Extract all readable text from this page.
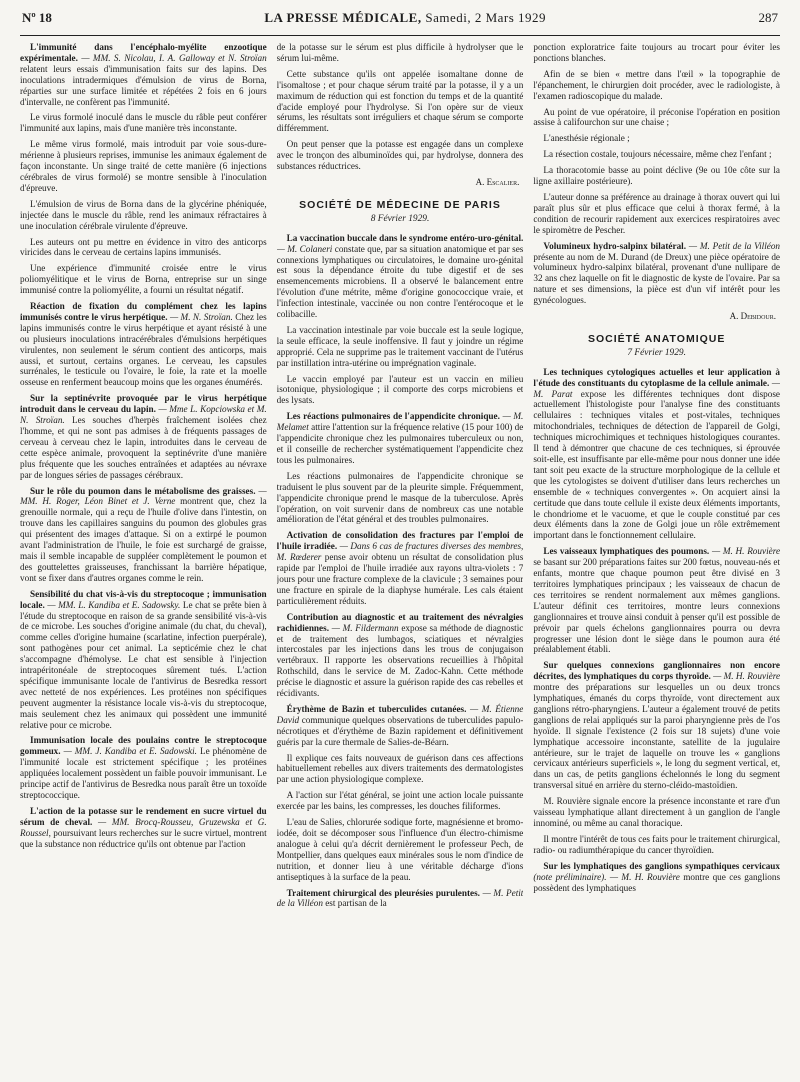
Nº 18	LA PRESSE MÉDICALE, Samedi, 2 Mars 1929	287

L'immunité dans l'encéphalo-myélite enzootique expérimentale. — MM. S. Nicolau, I. A. Galloway et N. Stroïan relatent leurs essais d'immunisation faits sur des lapins. Des inoculations intradermiques d'émulsion de virus de Borna, réparties sur une surface limitée et répétées 2 fois en 6 jours d'intervalle, ne confèrent pas l'immunité.

Le virus formolé inoculé dans le muscle du râble peut conférer l'immunité aux lapins, mais d'une manière très inconstante.

Le même virus formolé, mais introduit par voie sous-dure-mérienne à plusieurs reprises, immunise les animaux également de façon inconstante. Un singe traité de cette manière (6 injections cérébrales de virus formolé) se montre sensible à l'inoculation d'épreuve.

L'émulsion de virus de Borna dans de la glycérine phéniquée, injectée dans le muscle du râble, rend les animaux réfractaires à une inoculation cérébrale virulente d'épreuve.

Les auteurs ont pu mettre en évidence in vitro des anticorps viricides dans le cerveau de certains lapins immunisés.

Une expérience d'immunité croisée entre le virus poliomyélitique et le virus de Borna, entreprise sur un singe immunisé contre la poliomyélite, a fourni un résultat négatif.

Réaction de fixation du complément chez les lapins immunisés contre le virus herpétique. — M. N. Stroïan. Chez les lapins immunisés contre le virus herpétique et ayant résisté à une ou plusieurs inoculations intracérébrales d'émulsions herpétiques virulentes, non seulement le sérum contient des anticorps, mais aussi, et surtout, certains organes. Le cerveau, les capsules surrénales, le testicule ou l'ovaire, le foie, la rate et la moelle osseuse en renferment beaucoup moins que les organes énumérés.

Sur la septinévrite provoquée par le virus herpétique introduit dans le cerveau du lapin. — Mme L. Kopciowska et M. N. Stroïan. Les souches d'herpès fraîchement isolées chez l'homme, et qui ne sont pas admises à de fréquents passages de cerveau à cerveau chez le lapin, introduites dans le cerveau de cette espèce animale, provoquent la septinévrite d'une manière plus fréquente que les souches entraînées et adaptées au névraxe par de longues séries de passages cérébraux.

Sur le rôle du poumon dans le métabolisme des graisses. — MM. H. Roger, Léon Binet et J. Verne montrent que, chez la grenouille normale, qui a reçu de l'huile d'olive dans l'intestin, on trouve dans les capillaires sanguins du poumon des globules gras qui présentent des images d'attaque. Si on a extirpé le poumon avant l'administration de l'huile, le foie est surchargé de graisse, mais il semble incapable de suppléer complètement le poumon et des gouttelettes graisseuses, franchissant la barrière hépatique, vont se fixer dans d'autres organes comme le rein.

Sensibilité du chat vis-à-vis du streptocoque ; immunisation locale. — MM. L. Kandiba et E. Sadowsky. Le chat se prête bien à l'étude du streptocoque en raison de sa grande sensibilité vis-à-vis de ce microbe. Les souches d'origine animale (du chat, du cheval), comme celles d'origine humaine (scarlatine, infection puerpérale), sont pathogènes pour cet animal. La septicémie chez le chat s'accompagne d'hémolyse. Le chat est sensible à l'injection intrapéritonéale de streptocoques sûrement tués. L'action spécifique immunisante locale de l'antivirus de Besredka ressort avec netteté de nos expériences. Les protéines non spécifiques peuvent augmenter la résistance locale vis-à-vis du streptocoque, mais seulement chez les animaux qui possèdent une immunité relative pour ce microbe.

Immunisation locale des poulains contre le streptocoque gommeux. — MM. J. Kandiba et E. Sadowski. Le phénomène de l'immunité locale est strictement spécifique ; les protéines appliquées localement possèdent un faible pouvoir immunisant. Le principe actif de l'antivirus de Besredka nous paraît être un toxoïde streptococcique.

L'action de la potasse sur le rendement en sucre virtuel du sérum de cheval. — MM. Brocq-Rousseu, Gruzewska et G. Roussel, poursuivant leurs recherches sur le sucre virtuel, montrent que la substance non réductrice qu'ils ont obtenue par l'action

de la potasse sur le sérum est plus difficile à hydrolyser que le sérum lui-même.

Cette substance qu'ils ont appelée isomaltane donne de l'isomaltose ; et pour chaque sérum traité par la potasse, il y a un maximum de réduction qui est fonction du temps et de la quantité d'acide employé pour l'hydrolyse. Si l'on opère sur de vieux sérums, les résultats sont irréguliers et chaque sérum se comporte différemment.

On peut penser que la potasse est engagée dans un complexe avec le tronçon des albuminoïdes qui, par hydrolyse, donnera des substances réductrices.

A. Escalier.
SOCIÉTÉ DE MÉDECINE DE PARIS
8 Février 1929.

La vaccination buccale dans le syndrome entéro-uro-génital. — M. Colaneri constate que, par sa situation anatomique et par ses connexions lymphatiques ou circulatoires, le domaine uro-génital est sous la dépendance étroite du tube digestif et de ses ensemencements microbiens. Il a observé le balancement entre l'évolution d'une métrite, même d'origine gonococcique vraie, et l'infection intestinale, vaccinée ou non contre l'entérocoque et le colibacille.

La vaccination intestinale par voie buccale est la seule logique, la seule efficace, la seule inoffensive. Il faut y joindre un régime approprié. Cela ne supprime pas le traitement vaccinant de l'utérus par instillation intra-utérine ou imprégnation vaginale.

Le vaccin employé par l'auteur est un vaccin en milieu isotonique, physiologique ; il comporte des corps microbiens et des lysats.

Les réactions pulmonaires de l'appendicite chronique. — M. Melamet attire l'attention sur la fréquence relative (15 pour 100) de l'appendicite chronique chez les pulmonaires tuberculeux ou non, et il conseille de rechercher systématiquement l'appendicite chez tous les pulmonaires.

Les réactions pulmonaires de l'appendicite chronique se traduisent le plus souvent par de la pleurite simple. Fréquemment, l'appendicite chronique prend le masque de la tuberculose. Après l'opération, on voit survenir dans de nombreux cas une notable amélioration de l'état général et des troubles pulmonaires.

Activation de consolidation des fractures par l'emploi de l'huile irradiée. — Dans 6 cas de fractures diverses des membres, M. Rœderer pense avoir obtenu un résultat de consolidation plus rapide par l'emploi de l'huile irradiée aux rayons ultra-violets : 7 jours pour une fracture complexe de la clavicule ; 3 semaines pour une fracture en spirale de la diaphyse humérale. Les cals étaient particulièrement réduits.

Contribution au diagnostic et au traitement des névralgies rachidiennes. — M. Fildermann expose sa méthode de diagnostic et de traitement des lumbagos, sciatiques et névralgies intercostales par les injections dans les trous de conjugaison vertébraux. Il rapporte les observations recueillies à l'hôpital Rothschild, dans le service de M. Zadoc-Kahn. Cette méthode précise le diagnostic et assure la guérison rapide des cas rebelles et récidivants.

Érythème de Bazin et tuberculides cutanées. — M. Étienne David communique quelques observations de tuberculides papulo-nécrotiques et d'érythème de Bazin rapidement et définitivement guéris par la cure thermale de Salies-de-Béarn.

Il explique ces faits nouveaux de guérison dans ces affections habituellement rebelles aux divers traitements des dermatologistes par une action physiologique complexe.

A l'action sur l'état général, se joint une action locale puissante exercée par les bains, les compresses, les douches filiformes.

L'eau de Salies, chlorurée sodique forte, magnésienne et bromo-iodée, doit se décomposer sous l'influence d'un électro-chimisme analogue à celui qu'a décrit dernièrement le professeur Pech, de Montpellier, dans quelques eaux minérales sous le nom d'indice de nutrition, et donner lieu à une véritable décharge d'ions antiseptiques à la surface de la peau.

Traitement chirurgical des pleurésies purulentes. — M. Petit de la Villéon est partisan de la

ponction exploratrice faite toujours au trocart pour éviter les ponctions blanches.

Afin de se bien « mettre dans l'œil » la topographie de l'épanchement, le chirurgien doit procéder, avec le radiologiste, à l'examen radioscopique du malade.

Au point de vue opératoire, il préconise l'opération en position assise à califourchon sur une chaise ;

L'anesthésie régionale ;

La résection costale, toujours nécessaire, même chez l'enfant ;

La thoracotomie basse au point déclive (9e ou 10e côte sur la ligne axillaire postérieure).

L'auteur donne sa préférence au drainage à thorax ouvert qui lui paraît plus sûr et plus efficace que celui à thorax fermé, à la condition de recourir rapidement aux exercices respiratoires avec le spiromètre de Pescher.

Volumineux hydro-salpinx bilatéral. — M. Petit de la Villéon présente au nom de M. Durand (de Dreux) une pièce opératoire de volumineux hydro-salpinx bilatéral, provenant d'une nullipare de 32 ans chez laquelle on fit le diagnostic de kyste de l'ovaire. Par sa nature et ses dimensions, la pièce est d'un vif intérêt pour les gynécologues.

A. Debidour.
SOCIÉTÉ ANATOMIQUE
7 Février 1929.

Les techniques cytologiques actuelles et leur application à l'étude des constituants du cytoplasme de la cellule animale. — M. Parat expose les différentes techniques dont dispose actuellement l'histologiste pour l'analyse fine des constituants cellulaires : techniques vitales et post-vitales, techniques mitochondriales, techniques de détection de l'appareil de Golgi, techniques microchimiques et techniques histologiques courantes. Il tend à démontrer que chacune de ces techniques, si éprouvée soit-elle, est insuffisante par elle-même pour nous donner une idée tant soit peu exacte de la structure morphologique de la cellule et que les cytologistes se doivent d'utiliser dans leurs recherches un ensemble de « techniques convergentes ». On acquiert ainsi la certitude que dans toute cellule il existe deux éléments importants, le chondriome et le vacuome, et que le couple constitué par ces deux éléments dans la zone de Golgi joue un rôle extrêmement important dans le fonctionnement cellulaire.

Les vaisseaux lymphatiques des poumons. — M. H. Rouvière se basant sur 200 préparations faites sur 200 fœtus, nouveau-nés et enfants, montre que chaque poumon peut être divisé en 3 territoires lymphatiques principaux ; les vaisseaux de chacun de ces territoires se rendent normalement aux mêmes ganglions. L'auteur définit ces territoires, montre leurs connexions ganglionnaires et trouve ainsi conduit à penser qu'il est possible de prévoir par quels échelons ganglionnaires pourra ou devra progresser une lésion dont le siège dans le poumon aura été préalablement établi.

Sur quelques connexions ganglionnaires non encore décrites, des lymphatiques du corps thyroïde. — M. H. Rouvière montre des préparations sur lesquelles un ou deux troncs lymphatiques, émanés du corps thyroïde, vont directement aux ganglions rétro-pharyngiens. L'auteur a également trouvé de petits ganglions de relai appliqués sur la paroi pharyngienne près de l'os hyoïde. Il signale l'existence (2 fois sur 18 sujets) d'une voie lymphatique accessoire inconstante, satellite de la jugulaire antérieure, sur le trajet de laquelle on trouve les « ganglions cervicaux antérieurs superficiels », le long du segment vertical, et, dans un cas, de petits ganglions échelonnés le long du segment transversal situé en arrière du sterno-cléido-mastoïdien.

M. Rouvière signale encore la présence inconstante et rare d'un vaisseau lymphatique allant directement à un ganglion de l'angle innominé, ou même au canal thoracique.

Il montre l'intérêt de tous ces faits pour le traitement chirurgical, radio- ou radiumthérapique du cancer thyroïdien.

Sur les lymphatiques des ganglions sympathiques cervicaux (note préliminaire). — M. H. Rouvière montre que ces ganglions possèdent des lymphatiques
